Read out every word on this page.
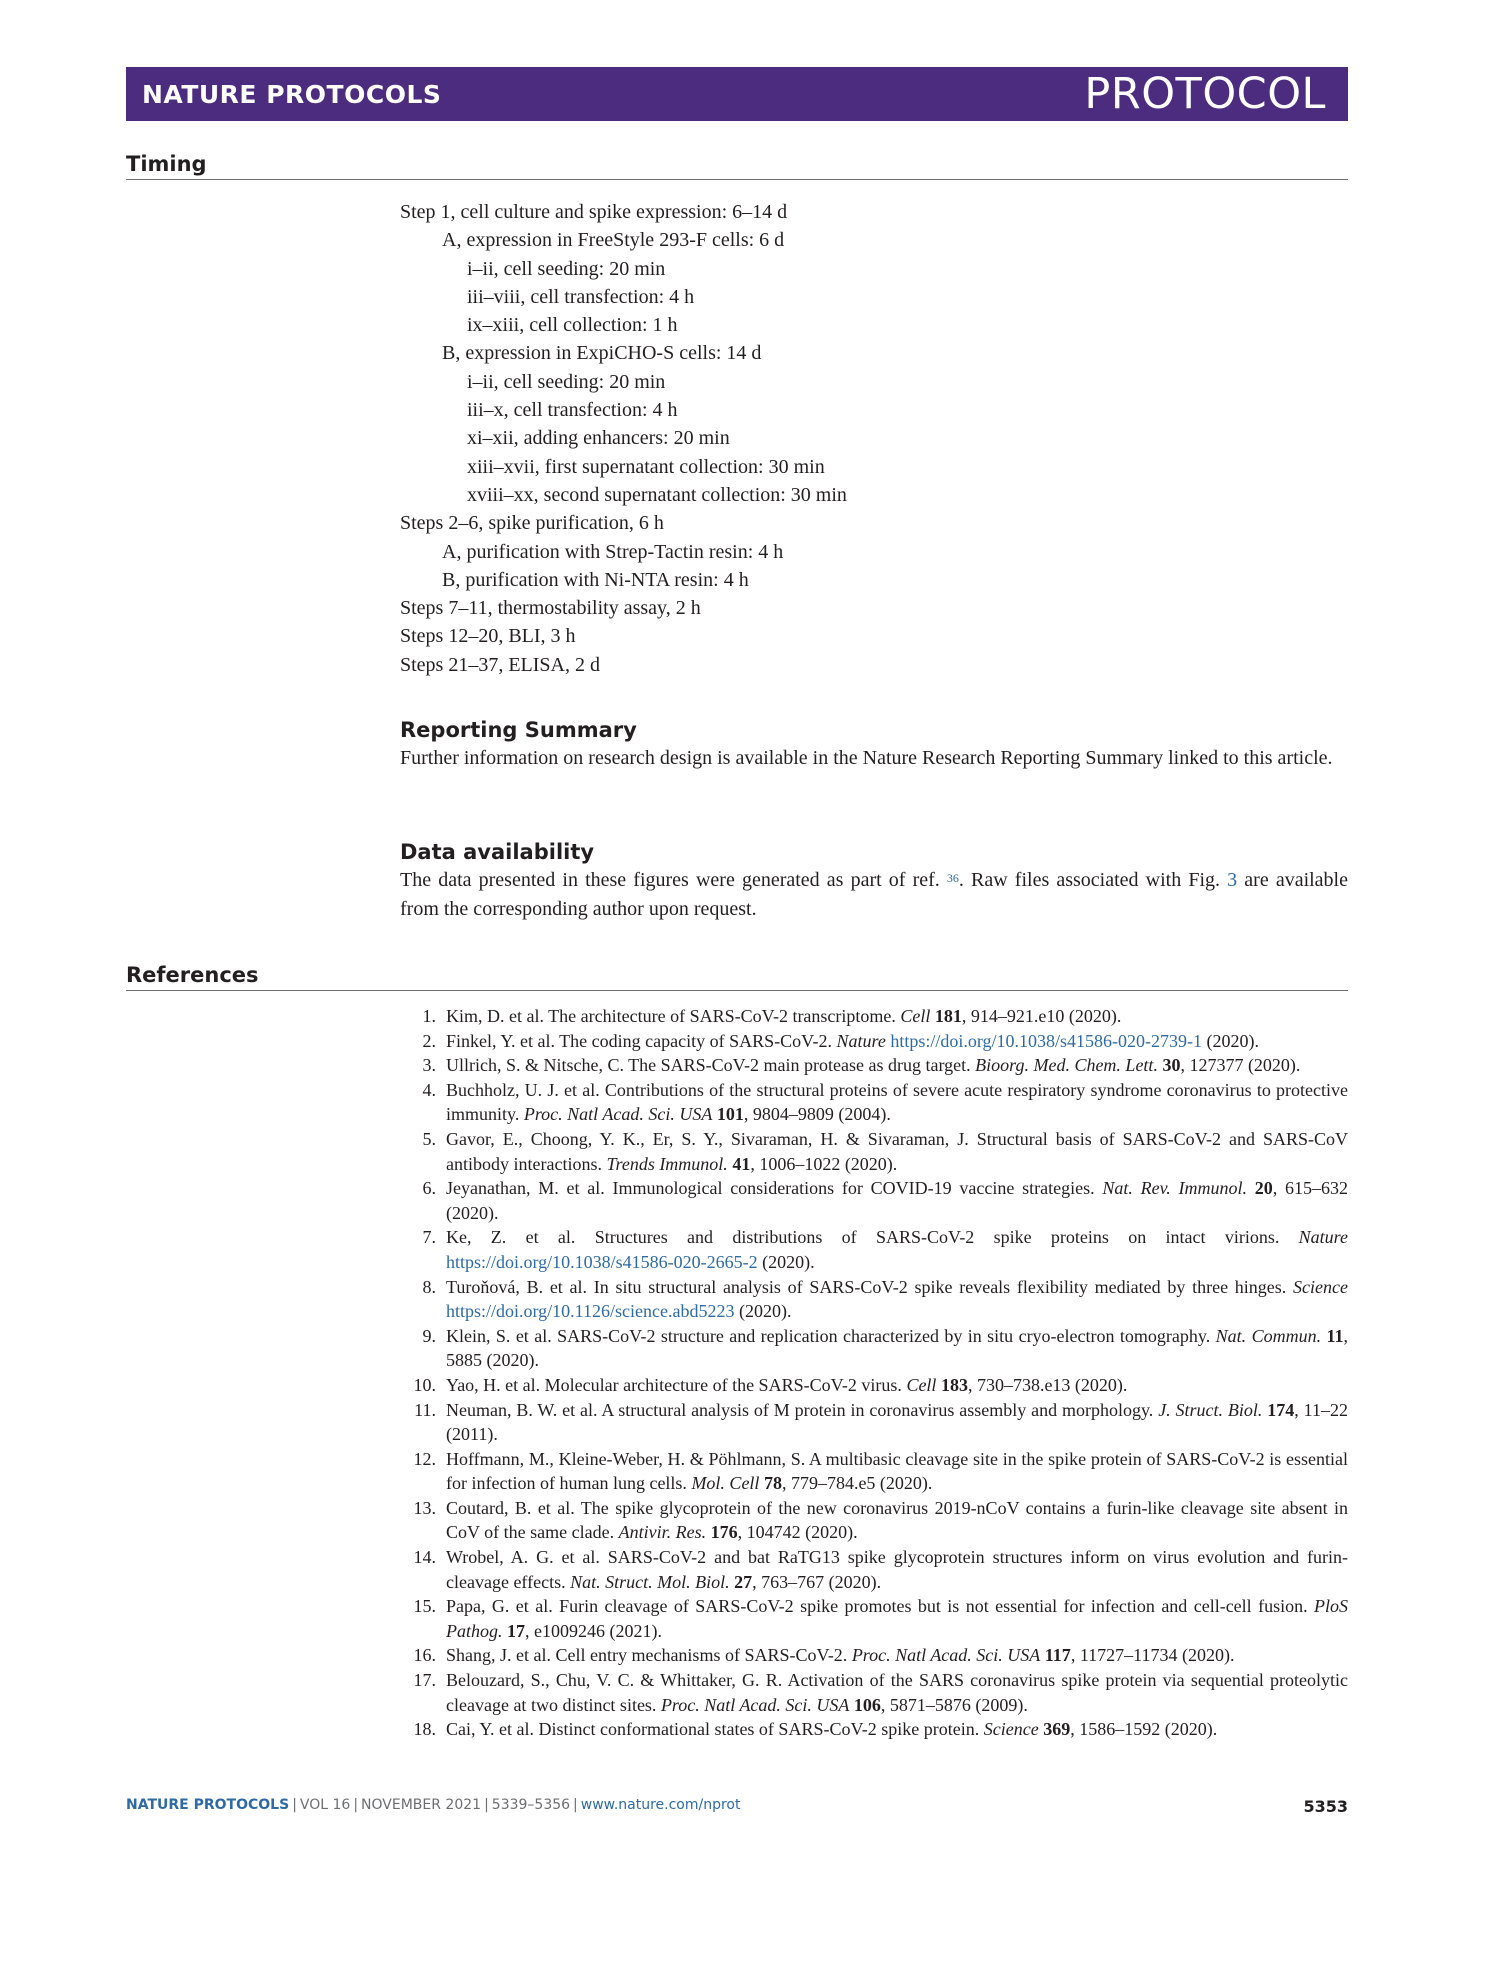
NATURE PROTOCOLS	PROTOCOL
Timing
Step 1, cell culture and spike expression: 6–14 d
A, expression in FreeStyle 293-F cells: 6 d
i–ii, cell seeding: 20 min
iii–viii, cell transfection: 4 h
ix–xiii, cell collection: 1 h
B, expression in ExpiCHO-S cells: 14 d
i–ii, cell seeding: 20 min
iii–x, cell transfection: 4 h
xi–xii, adding enhancers: 20 min
xiii–xvii, first supernatant collection: 30 min
xviii–xx, second supernatant collection: 30 min
Steps 2–6, spike purification, 6 h
A, purification with Strep-Tactin resin: 4 h
B, purification with Ni-NTA resin: 4 h
Steps 7–11, thermostability assay, 2 h
Steps 12–20, BLI, 3 h
Steps 21–37, ELISA, 2 d
Reporting Summary

Further information on research design is available in the Nature Research Reporting Summary linked to this article.

Data availability

The data presented in these figures were generated as part of ref. $^{36}$. Raw files associated with Fig. 3 are available from the corresponding author upon request.

References
1. Kim, D. et al. The architecture of SARS-CoV-2 transcriptome. Cell 181, 914–921.e10 (2020).
2. Finkel, Y. et al. The coding capacity of SARS-CoV-2. Nature https://doi.org/10.1038/s41586-020-2739-1 (2020).
3. Ullrich, S. & Nitsche, C. The SARS-CoV-2 main protease as drug target. Bioorg. Med. Chem. Lett. 30, 127377 (2020).
4. Buchholz, U. J. et al. Contributions of the structural proteins of severe acute respiratory syndrome coronavirus to protective immunity. Proc. Natl Acad. Sci. USA 101, 9804–9809 (2004).
5. Gavor, E., Choong, Y. K., Er, S. Y., Sivaraman, H. & Sivaraman, J. Structural basis of SARS-CoV-2 and SARS-CoV antibody interactions. Trends Immunol. 41, 1006–1022 (2020).
6. Jeyanathan, M. et al. Immunological considerations for COVID-19 vaccine strategies. Nat. Rev. Immunol. 20, 615–632 (2020).
7. Ke, Z. et al. Structures and distributions of SARS-CoV-2 spike proteins on intact virions. Nature https://doi.org/10.1038/s41586-020-2665-2 (2020).
8. Turoňová, B. et al. In situ structural analysis of SARS-CoV-2 spike reveals flexibility mediated by three hinges. Science https://doi.org/10.1126/science.abd5223 (2020).
9. Klein, S. et al. SARS-CoV-2 structure and replication characterized by in situ cryo-electron tomography. Nat. Commun. 11, 5885 (2020).
10. Yao, H. et al. Molecular architecture of the SARS-CoV-2 virus. Cell 183, 730–738.e13 (2020).
11. Neuman, B. W. et al. A structural analysis of M protein in coronavirus assembly and morphology. J. Struct. Biol. 174, 11–22 (2011).
12. Hoffmann, M., Kleine-Weber, H. & Pöhlmann, S. A multibasic cleavage site in the spike protein of SARS-CoV-2 is essential for infection of human lung cells. Mol. Cell 78, 779–784.e5 (2020).
13. Coutard, B. et al. The spike glycoprotein of the new coronavirus 2019-nCoV contains a furin-like cleavage site absent in CoV of the same clade. Antivir. Res. 176, 104742 (2020).
14. Wrobel, A. G. et al. SARS-CoV-2 and bat RaTG13 spike glycoprotein structures inform on virus evolution and furin-cleavage effects. Nat. Struct. Mol. Biol. 27, 763–767 (2020).
15. Papa, G. et al. Furin cleavage of SARS-CoV-2 spike promotes but is not essential for infection and cell-cell fusion. PloS Pathog. 17, e1009246 (2021).
16. Shang, J. et al. Cell entry mechanisms of SARS-CoV-2. Proc. Natl Acad. Sci. USA 117, 11727–11734 (2020).
17. Belouzard, S., Chu, V. C. & Whittaker, G. R. Activation of the SARS coronavirus spike protein via sequential proteolytic cleavage at two distinct sites. Proc. Natl Acad. Sci. USA 106, 5871–5876 (2009).
18. Cai, Y. et al. Distinct conformational states of SARS-CoV-2 spike protein. Science 369, 1586–1592 (2020).
NATURE PROTOCOLS | VOL 16 | NOVEMBER 2021 | 5339–5356 | www.nature.com/nprot	5353
